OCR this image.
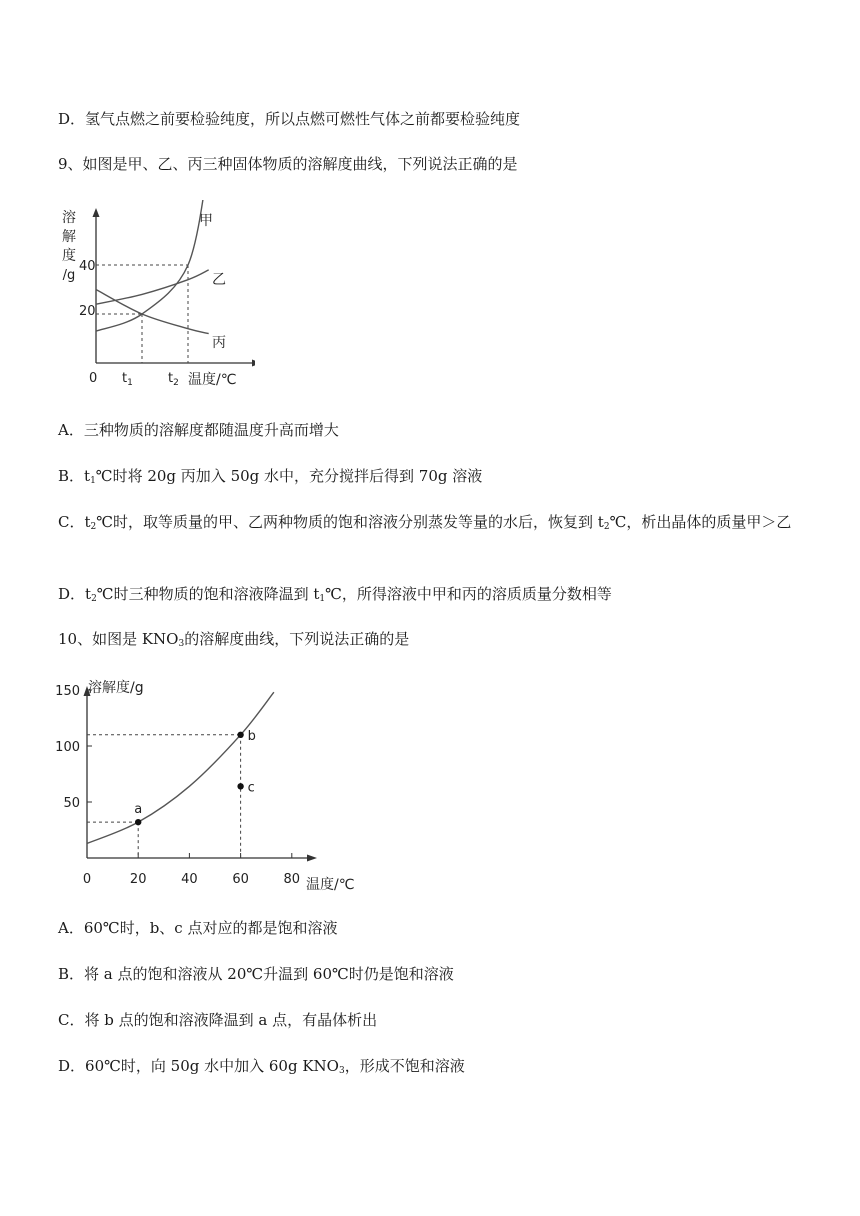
D．氢气点燃之前要检验纯度，所以点燃可燃性气体之前都要检验纯度
9、如图是甲、乙、丙三种固体物质的溶解度曲线，下列说法正确的是
溶
解
度
/g
40
20
0 $t_1$	$t_2$ 温度/℃
甲
乙
丙
A．三种物质的溶解度都随温度升高而增大
B．$t_1℃$时将 20g 丙加入 50g 水中，充分搅拌后得到 70g 溶液
C．$t_2℃$时，取等质量的甲、乙两种物质的饱和溶液分别蒸发等量的水后，恢复到 $t_2℃$，析出晶体的质量甲＞乙
D．$t_2℃$时三种物质的饱和溶液降温到 $t_1℃$，所得溶液中甲和丙的溶质质量分数相等
10、如图是 $KNO_3$的溶解度曲线，下列说法正确的是
a
b
c
0	20	40	60	80
50
100
150 溶解度/g
温度/℃
A．60℃时，b、c 点对应的都是饱和溶液
B．将 a 点的饱和溶液从 20℃升温到 60℃时仍是饱和溶液
C．将 b 点的饱和溶液降温到 a 点，有晶体析出
D．60℃时，向 50g 水中加入 60g $KNO_3$，形成不饱和溶液
